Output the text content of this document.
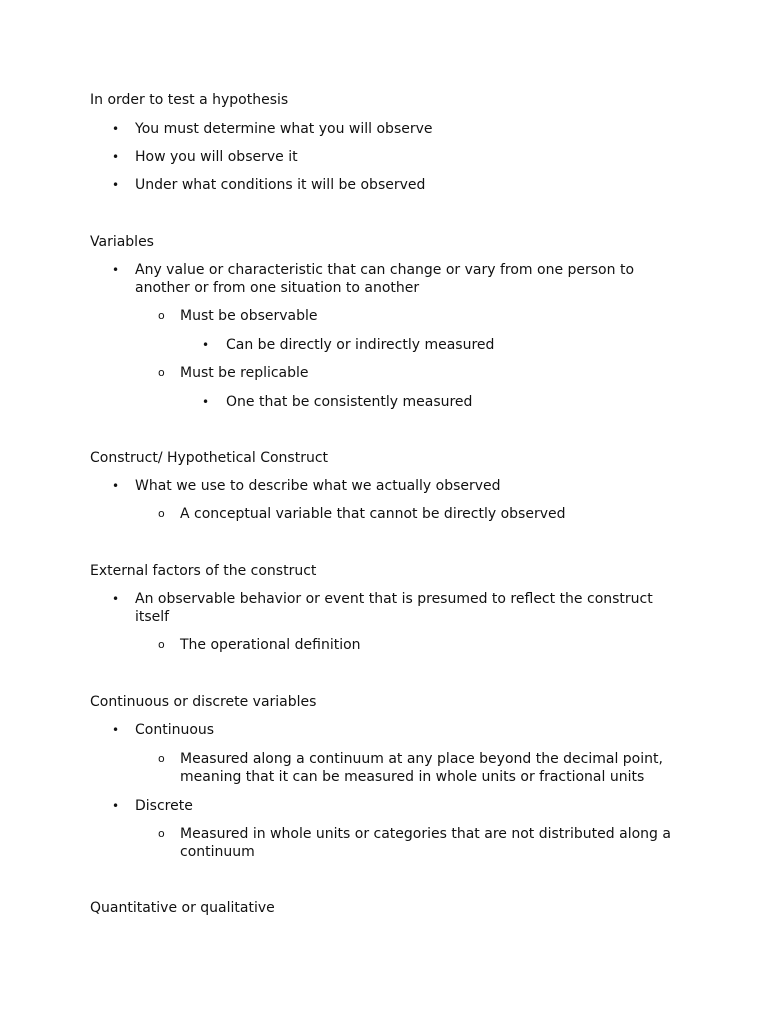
In order to test a hypothesis

• You must determine what you will observe

• How you will observe it

• Under what conditions it will be observed

Variables

• Any value or characteristic that can change or vary from one person to

another or from one situation to another

o Must be observable

• Can be directly or indirectly measured

o Must be replicable

• One that be consistently measured

Construct/ Hypothetical Construct

• What we use to describe what we actually observed

o A conceptual variable that cannot be directly observed

External factors of the construct

• An observable behavior or event that is presumed to reflect the construct

itself

o The operational definition

Continuous or discrete variables

• Continuous

o Measured along a continuum at any place beyond the decimal point,

meaning that it can be measured in whole units or fractional units

• Discrete

o Measured in whole units or categories that are not distributed along a

continuum

Quantitative or qualitative
